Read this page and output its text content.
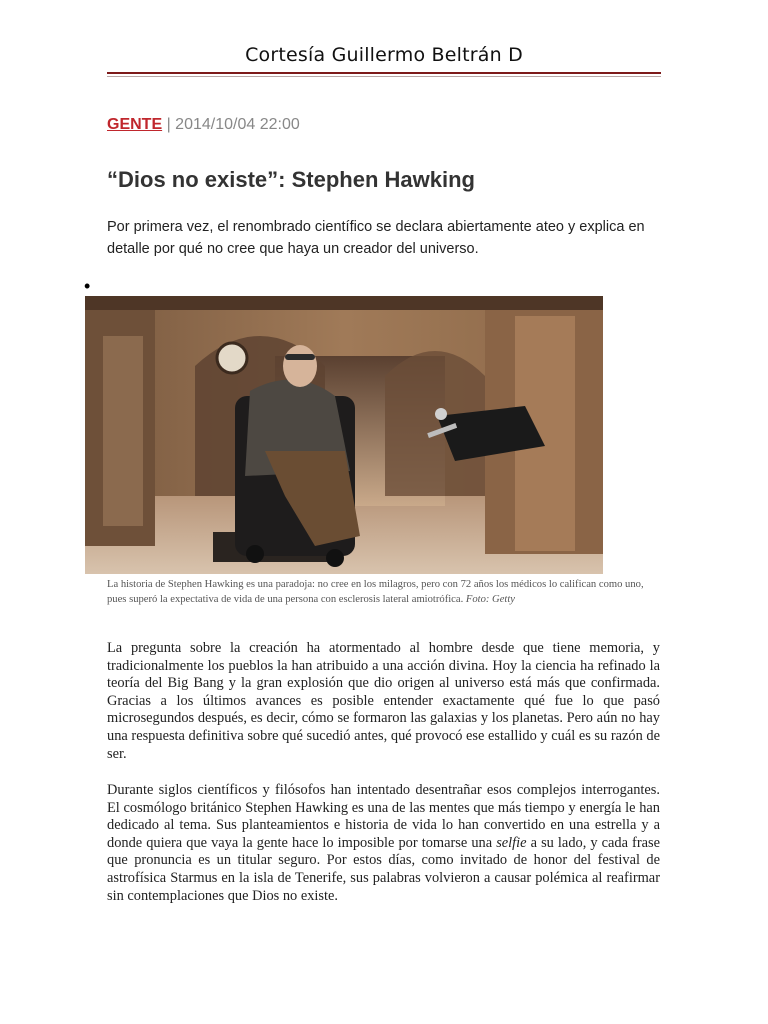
Cortesía Guillermo Beltrán D
GENTE | 2014/10/04 22:00
“Dios no existe”: Stephen Hawking

Por primera vez, el renombrado científico se declara abiertamente ateo y explica en detalle por qué no cree que haya un creador del universo.

•

La historia de Stephen Hawking es una paradoja: no cree en los milagros, pero con 72 años los médicos lo califican como uno, pues superó la expectativa de vida de una persona con esclerosis lateral amiotrófica. Foto: Getty

La pregunta sobre la creación ha atormentado al hombre desde que tiene memoria, y tradicionalmente los pueblos la han atribuido a una acción divina. Hoy la ciencia ha refinado la teoría del Big Bang y la gran explosión que dio origen al universo está más que confirmada. Gracias a los últimos avances es posible entender exactamente qué fue lo que pasó microsegundos después, es decir, cómo se formaron las galaxias y los planetas. Pero aún no hay una respuesta definitiva sobre qué sucedió antes, qué provocó ese estallido y cuál es su razón de ser.

Durante siglos científicos y filósofos han intentado desentrañar esos complejos interrogantes. El cosmólogo británico Stephen Hawking es una de las mentes que más tiempo y energía le han dedicado al tema. Sus planteamientos e historia de vida lo han convertido en una estrella y a donde quiera que vaya la gente hace lo imposible por tomarse una selfie a su lado, y cada frase que pronuncia es un titular seguro. Por estos días, como invitado de honor del festival de astrofísica Starmus en la isla de Tenerife, sus palabras volvieron a causar polémica al reafirmar sin contemplaciones que Dios no existe.
